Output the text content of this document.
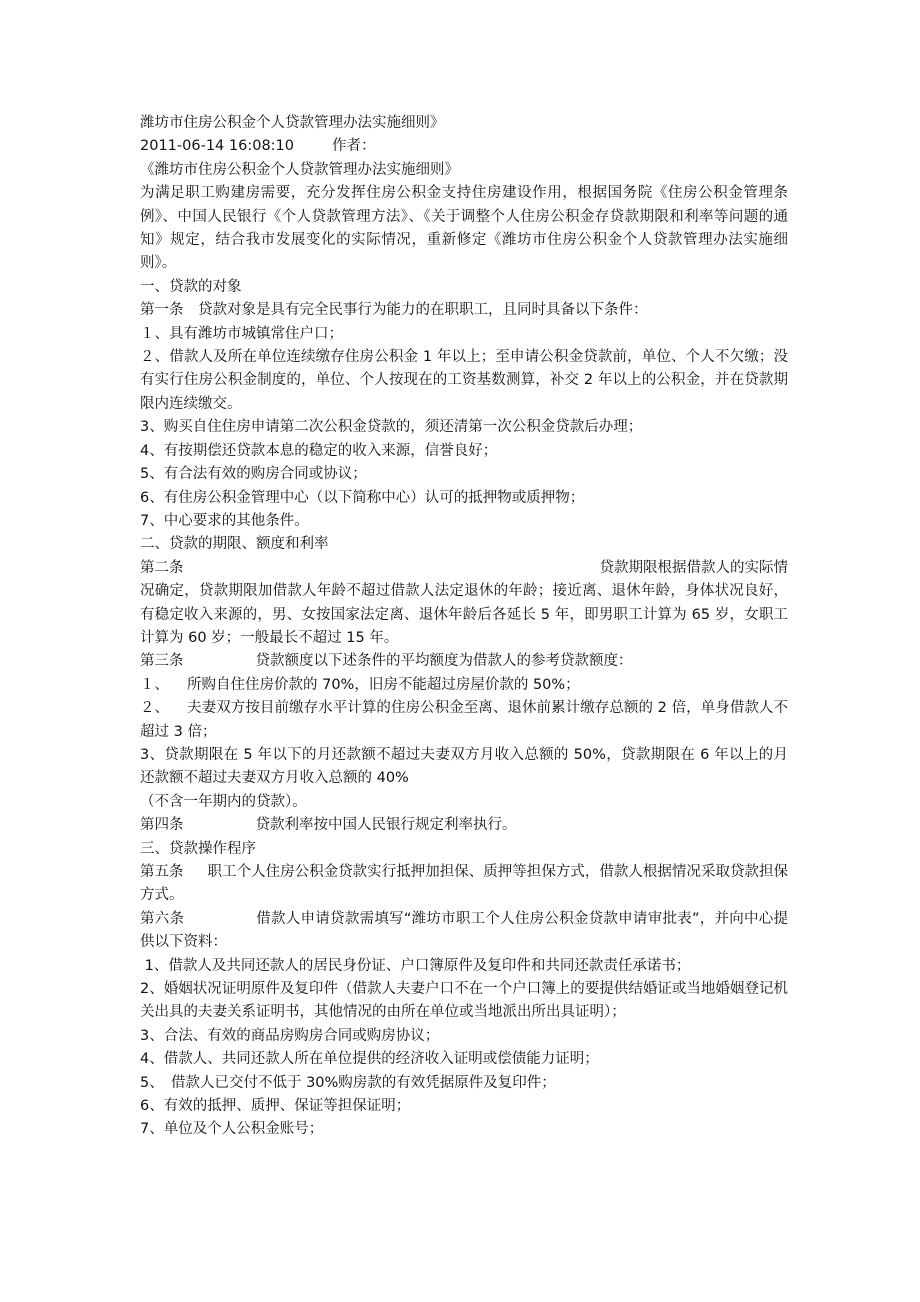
潍坊市住房公积金个人贷款管理办法实施细则》
2011-06-14 16:08:10	作者：
《潍坊市住房公积金个人贷款管理办法实施细则》
为满足职工购建房需要，充分发挥住房公积金支持住房建设作用，根据国务院《住房公积金管理条例》、中国人民银行《个人贷款管理方法》、《关于调整个人住房公积金存贷款期限和利率等问题的通知》规定，结合我市发展变化的实际情况，重新修定《潍坊市住房公积金个人贷款管理办法实施细则》。
一、贷款的对象
第一条　贷款对象是具有完全民事行为能力的在职职工，且同时具备以下条件：
１、具有潍坊市城镇常住户口；
２、借款人及所在单位连续缴存住房公积金 1 年以上；至申请公积金贷款前，单位、个人不欠缴；没有实行住房公积金制度的，单位、个人按现在的工资基数测算，补交 2 年以上的公积金，并在贷款期限内连续缴交。
3、购买自住住房申请第二次公积金贷款的，须还清第一次公积金贷款后办理；
4、有按期偿还贷款本息的稳定的收入来源，信誉良好；
5、有合法有效的购房合同或协议；
6、有住房公积金管理中心（以下简称中心）认可的抵押物或质押物；
7、中心要求的其他条件。
二、贷款的期限、额度和利率
第二条	贷款期限根据借款人的实际情
况确定，贷款期限加借款人年龄不超过借款人法定退休的年龄；接近离、退休年龄，身体状况良好，有稳定收入来源的，男、女按国家法定离、退休年龄后各延长 5 年，即男职工计算为 65 岁，女职工计算为 60 岁；一般最长不超过 15 年。
第三条	贷款额度以下述条件的平均额度为借款人的参考贷款额度：
１、 所购自住住房价款的 70%，旧房不能超过房屋价款的 50%；
２、 夫妻双方按目前缴存水平计算的住房公积金至离、退休前累计缴存总额的 2 倍，单身借款人不超过 3 倍；
3、贷款期限在 5 年以下的月还款额不超过夫妻双方月收入总额的 50%，贷款期限在 6 年以上的月还款额不超过夫妻双方月收入总额的 40%
（不含一年期内的贷款）。
第四条	贷款利率按中国人民银行规定利率执行。
三、贷款操作程序
第五条 职工个人住房公积金贷款实行抵押加担保、质押等担保方式，借款人根据情况采取贷款担保方式。
第六条	借款人申请贷款需填写“潍坊市职工个人住房公积金贷款申请审批表”，并向中心提供以下资料：
1、借款人及共同还款人的居民身份证、户口簿原件及复印件和共同还款责任承诺书；
2、婚姻状况证明原件及复印件（借款人夫妻户口不在一个户口簿上的要提供结婚证或当地婚姻登记机关出具的夫妻关系证明书，其他情况的由所在单位或当地派出所出具证明）；
3、合法、有效的商品房购房合同或购房协议；
4、借款人、共同还款人所在单位提供的经济收入证明或偿债能力证明；
5、　借款人已交付不低于 30%购房款的有效凭据原件及复印件；
6、有效的抵押、质押、保证等担保证明；
7、单位及个人公积金账号；
